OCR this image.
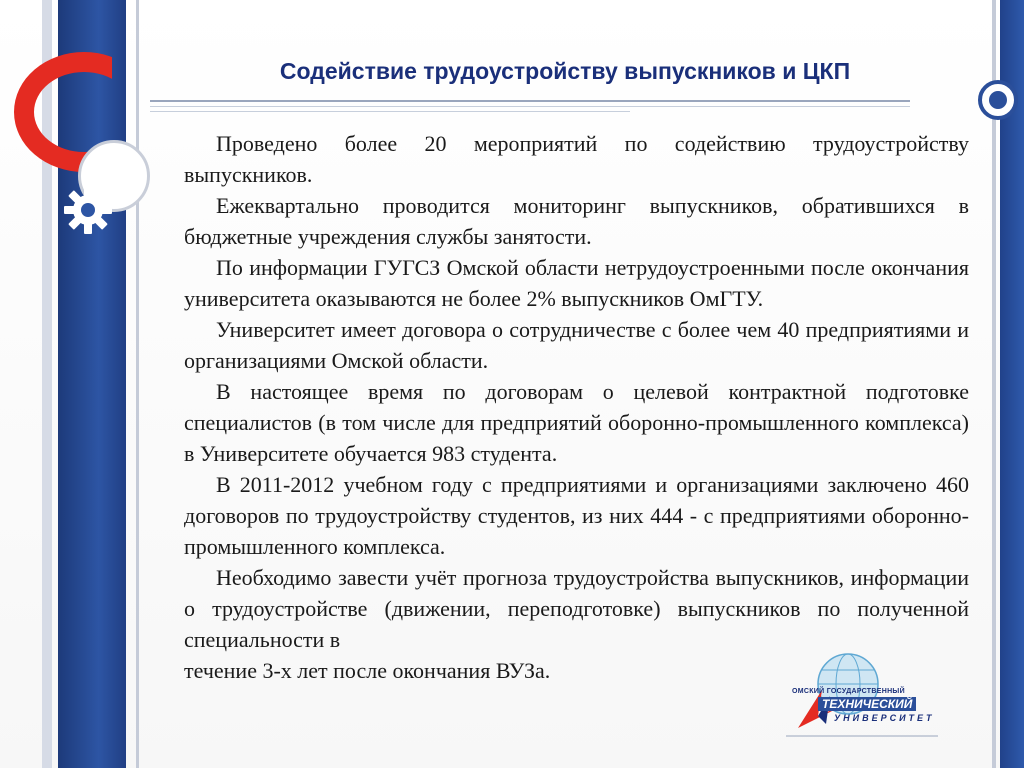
Содействие трудоустройству выпускников и ЦКП

Проведено более 20 мероприятий по содействию трудоустройству выпускников.

Ежеквартально проводится мониторинг выпускников, обратившихся в бюджетные учреждения службы занятости.

По информации ГУГСЗ Омской области нетрудоустроенными после окончания университета оказываются не более 2% выпускников ОмГТУ.

Университет имеет договора о сотрудничестве с более чем 40 предприятиями и организациями Омской области.

В настоящее время по договорам о целевой контрактной подготовке специалистов (в том числе для предприятий оборонно-промышленного комплекса) в Университете обучается 983 студента.

В 2011-2012 учебном году с предприятиями и организациями заключено 460 договоров по трудоустройству студентов, из них 444 - с предприятиями оборонно-промышленного комплекса.

Необходимо завести учёт прогноза трудоустройства выпускников, информации о трудоустройстве (движении, переподготовке) выпускников по полученной специальности в

течение 3-х лет после окончания ВУЗа.

ОМСКИЙ ГОСУДАРСТВЕННЫЙ
ТЕХНИЧЕСКИЙ
УНИВЕРСИТЕТ
